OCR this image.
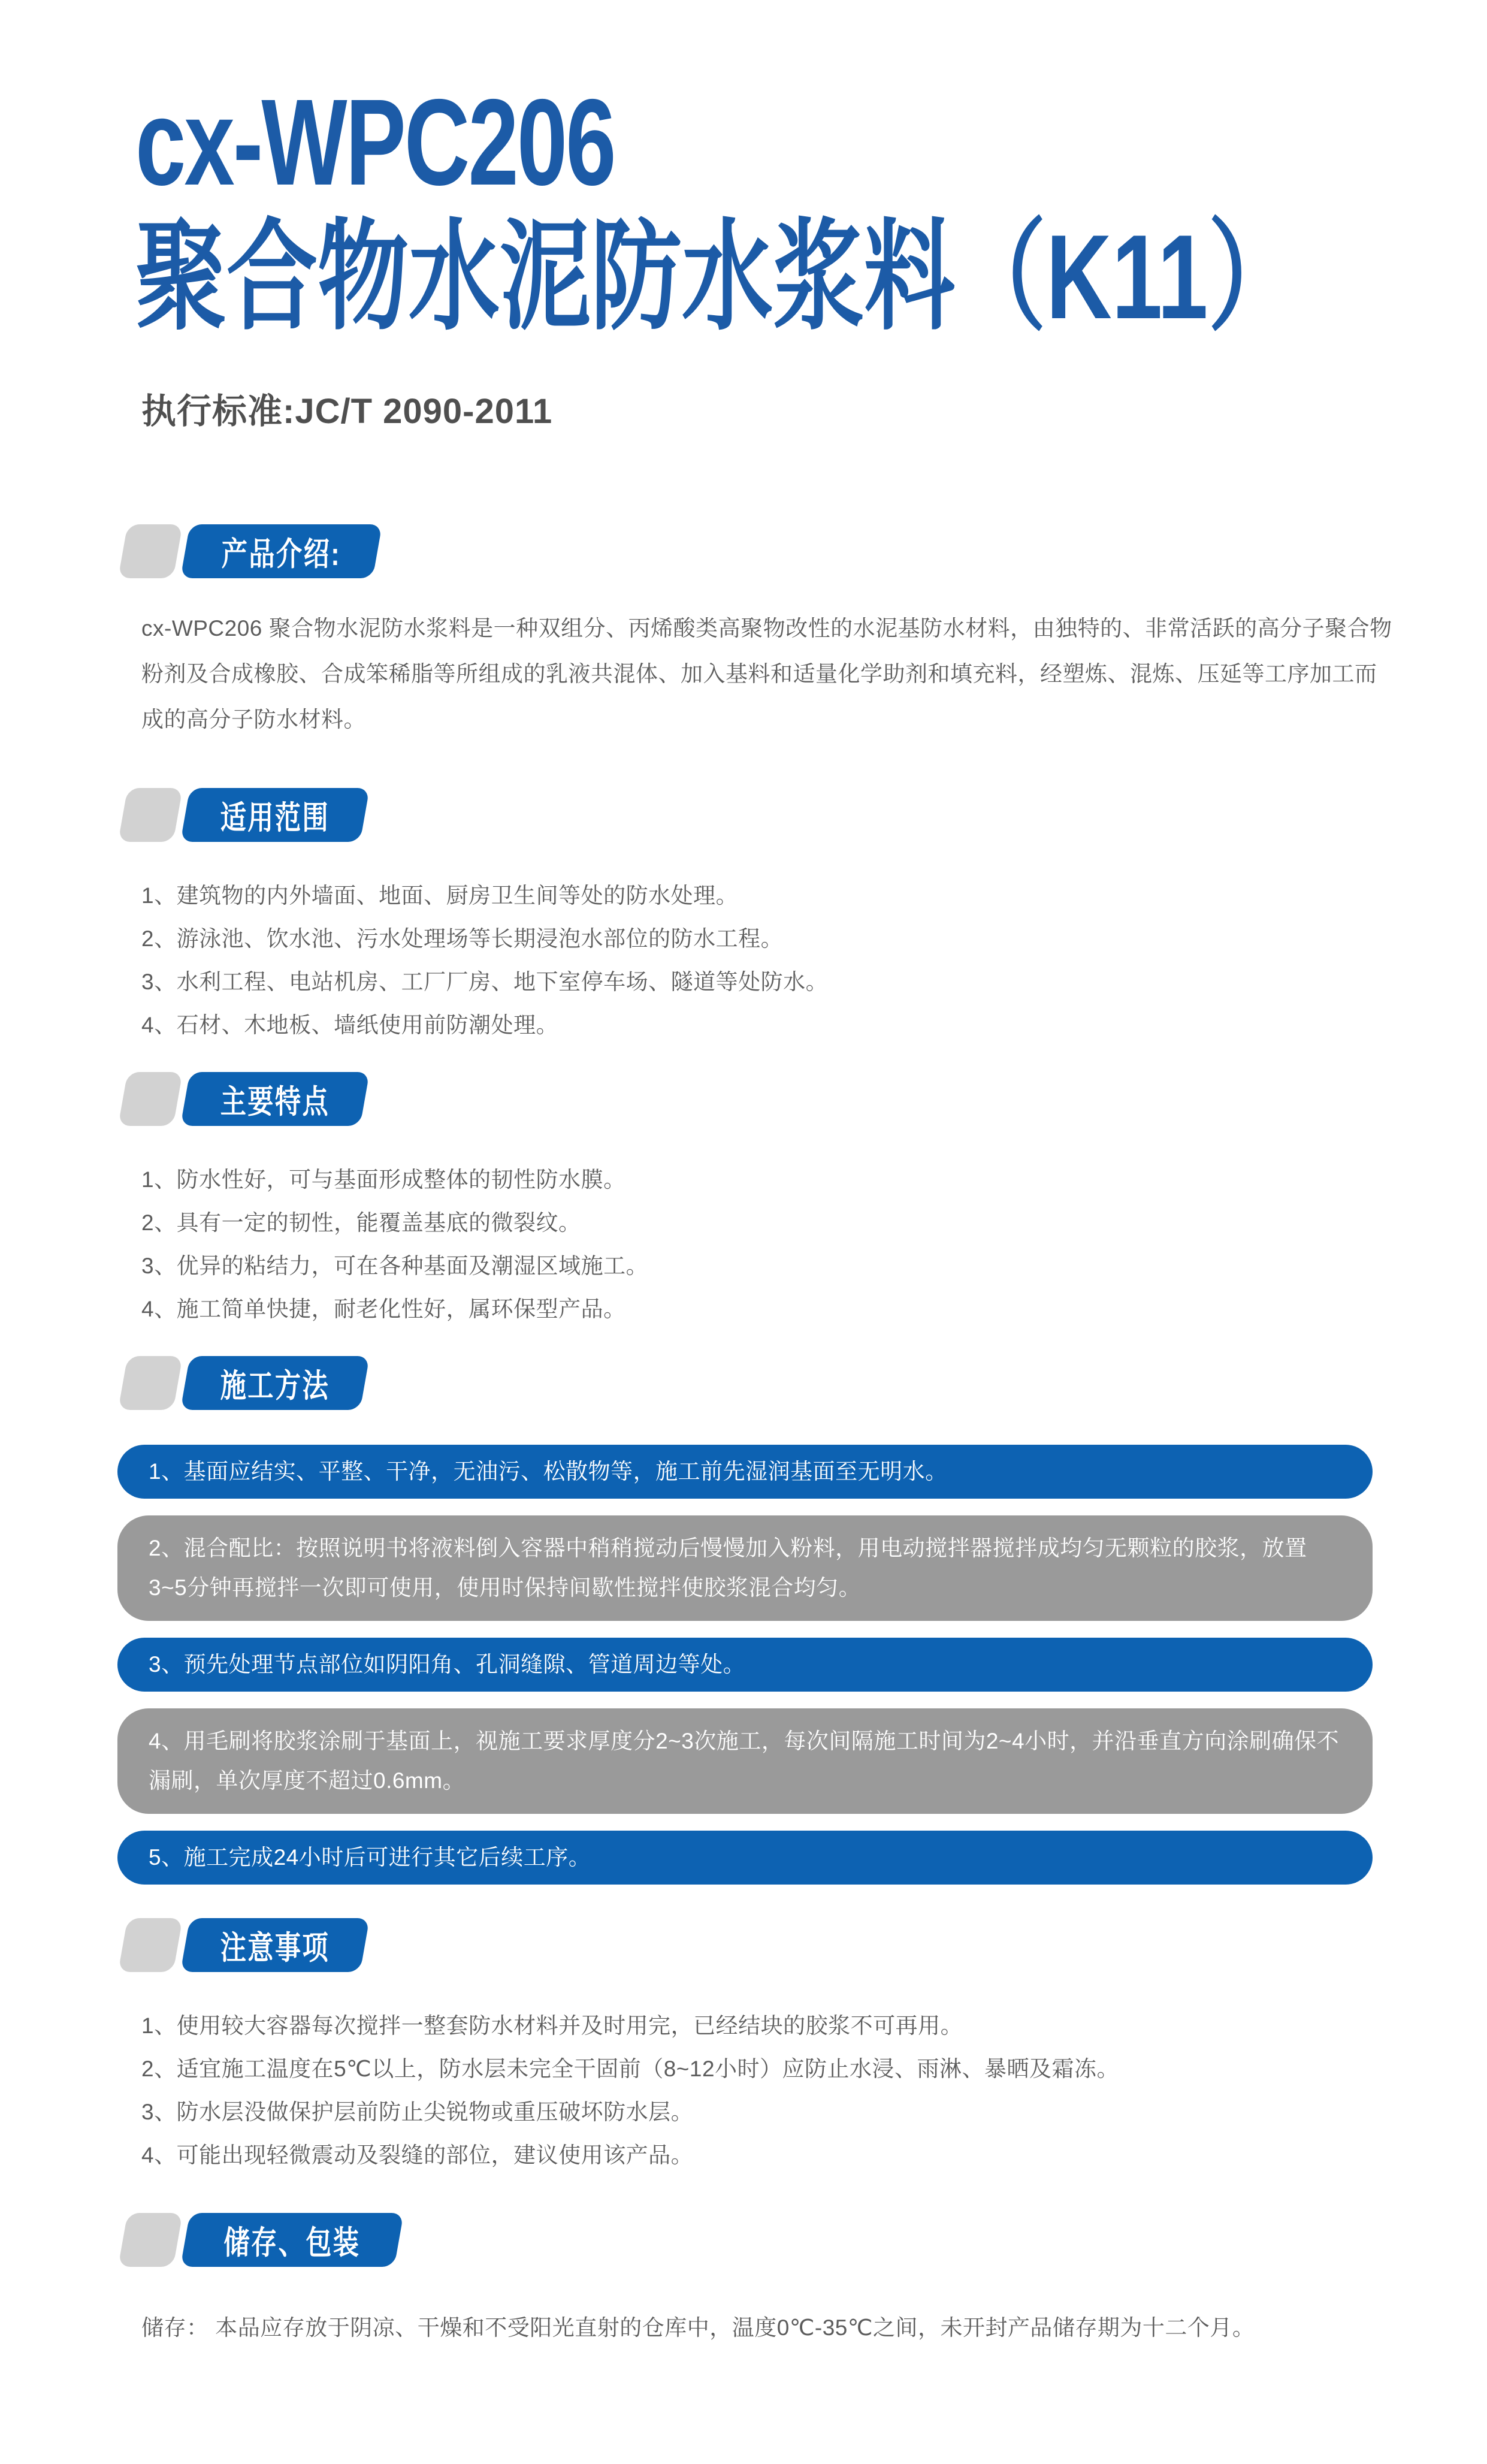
cx-WPC206
聚合物水泥防水浆料（K11）
执行标准:JC/T 2090-2011
产品介绍:

cx-WPC206 聚合物水泥防水浆料是一种双组分、丙烯酸类高聚物改性的水泥基防水材料，由独特的、非常活跃的高分子聚合物粉剂及合成橡胶、合成笨稀脂等所组成的乳液共混体、加入基料和适量化学助剂和填充料，经塑炼、混炼、压延等工序加工而成的高分子防水材料。

适用范围
1、建筑物的内外墙面、地面、厨房卫生间等处的防水处理。
2、游泳池、饮水池、污水处理场等长期浸泡水部位的防水工程。
3、水利工程、电站机房、工厂厂房、地下室停车场、隧道等处防水。
4、石材、木地板、墙纸使用前防潮处理。
主要特点
1、防水性好，可与基面形成整体的韧性防水膜。
2、具有一定的韧性，能覆盖基底的微裂纹。
3、优异的粘结力，可在各种基面及潮湿区域施工。
4、施工简单快捷，耐老化性好，属环保型产品。
施工方法
1、基面应结实、平整、干净，无油污、松散物等，施工前先湿润基面至无明水。
2、混合配比：按照说明书将液料倒入容器中稍稍搅动后慢慢加入粉料，用电动搅拌器搅拌成均匀无颗粒的胶浆，放置3~5分钟再搅拌一次即可使用，使用时保持间歇性搅拌使胶浆混合均匀。
3、预先处理节点部位如阴阳角、孔洞缝隙、管道周边等处。
4、用毛刷将胶浆涂刷于基面上，视施工要求厚度分2~3次施工，每次间隔施工时间为2~4小时，并沿垂直方向涂刷确保不漏刷，单次厚度不超过0.6mm。
5、施工完成24小时后可进行其它后续工序。
注意事项
1、使用较大容器每次搅拌一整套防水材料并及时用完，已经结块的胶浆不可再用。
2、适宜施工温度在5℃以上，防水层未完全干固前（8~12小时）应防止水浸、雨淋、暴晒及霜冻。
3、防水层没做保护层前防止尖锐物或重压破坏防水层。
4、可能出现轻微震动及裂缝的部位，建议使用该产品。
储存、包装

储存： 本品应存放于阴凉、干燥和不受阳光直射的仓库中，温度0℃-35℃之间，未开封产品储存期为十二个月。
